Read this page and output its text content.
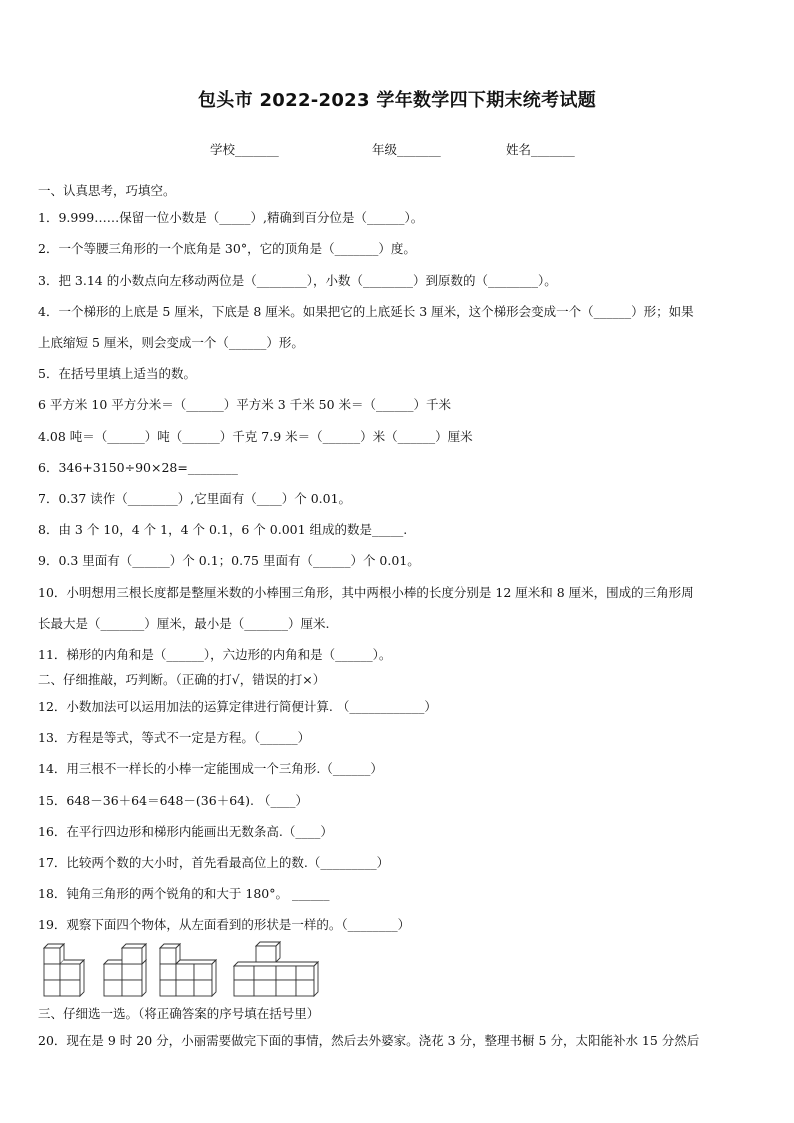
包头市 2022-2023 学年数学四下期末统考试题
学校_______	年级_______	姓名_______
一、认真思考，巧填空。
1．9.999……保留一位小数是（_____）,精确到百分位是（______）。
2．一个等腰三角形的一个底角是 30°，它的顶角是（_______）度。
3．把 3.14 的小数点向左移动两位是（________），小数（________）到原数的（________）。
4．一个梯形的上底是 5 厘米，下底是 8 厘米。如果把它的上底延长 3 厘米，这个梯形会变成一个（______）形；如果
上底缩短 5 厘米，则会变成一个（______）形。
5．在括号里填上适当的数。
6 平方米 10 平方分米＝（______）平方米 3 千米 50 米＝（______）千米
4.08 吨＝（______）吨（______）千克 7.9 米＝（______）米（______）厘米
6．346+3150÷90×28=________
7．0.37 读作（________）,它里面有（____）个 0.01。
8．由 3 个 10，4 个 1，4 个 0.1，6 个 0.001 组成的数是_____.
9．0.3 里面有（______）个 0.1；0.75 里面有（______）个 0.01。
10．小明想用三根长度都是整厘米数的小棒围三角形，其中两根小棒的长度分别是 12 厘米和 8 厘米，围成的三角形周
长最大是（_______）厘米，最小是（_______）厘米.
11．梯形的内角和是（______），六边形的内角和是（______）。
二、仔细推敲，巧判断。（正确的打√，错误的打×）
12．小数加法可以运用加法的运算定律进行简便计算. （____________）
13．方程是等式，等式不一定是方程。（______）
14．用三根不一样长的小棒一定能围成一个三角形.（______）
15．648－36＋64＝648－(36＋64). （____）
16．在平行四边形和梯形内能画出无数条高.（____）
17．比较两个数的大小时，首先看最高位上的数.（_________）
18．钝角三角形的两个锐角的和大于 180°。 ______
19．观察下面四个物体，从左面看到的形状是一样的。（________）
三、仔细选一选。（将正确答案的序号填在括号里）
20．现在是 9 时 20 分，小丽需要做完下面的事情，然后去外婆家。浇花 3 分，整理书橱 5 分，太阳能补水 15 分然后
